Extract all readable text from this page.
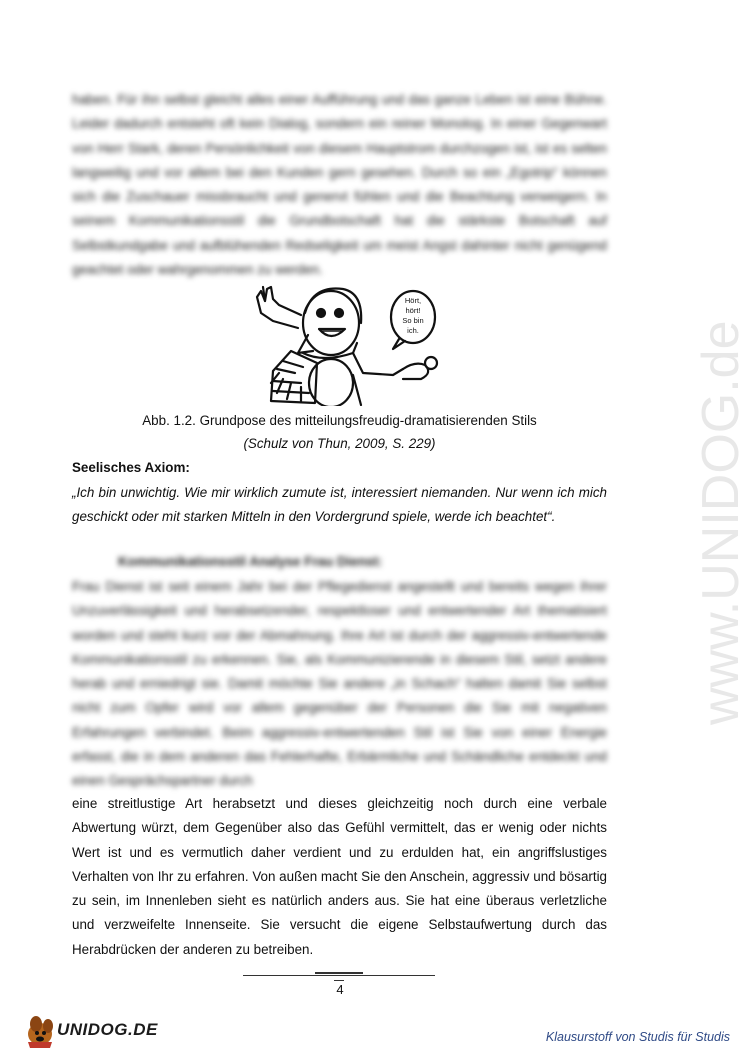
haben. Für ihn selbst gleicht alles einer Aufführung und das ganze Leben ist eine Bühne. Leider dadurch entsteht oft kein Dialog, sondern ein reiner Monolog. In einer Gegenwart von Herr Stark, deren Persönlichkeit von diesem Hauptstrom durchzogen ist, ist es selten langweilig und vor allem bei den Kunden gern gesehen. Durch so ein „Egotrip“ können sich die Zuschauer missbraucht und genervt fühlen und die Beachtung verweigern. In seinem Kommunikationsstil die Grundbotschaft hat die stärkste Botschaft auf Selbstkundgabe und aufblühenden Redseligkeit um meist Angst dahinter nicht genügend geachtet oder wahrgenommen zu werden.

Hört,
hört!
So bin
ich.

Abb. 1.2. Grundpose des mitteilungsfreudig-dramatisierenden Stils

(Schulz von Thun, 2009, S. 229)

Seelisches Axiom:

„Ich bin unwichtig. Wie mir wirklich zumute ist, interessiert niemanden. Nur wenn ich mich geschickt oder mit starken Mitteln in den Vordergrund spiele, werde ich beachtet“.

Kommunikationsstil Analyse Frau Dienst:

Frau Dienst ist seit einem Jahr bei der Pflegedienst angestellt und bereits wegen ihrer Unzuverlässigkeit und herabsetzender, respektloser und entwertender Art thematisiert worden und steht kurz vor der Abmahnung. Ihre Art ist durch der aggressiv-entwertende Kommunikationsstil zu erkennen. Sie, als Kommunizierende in diesem Stil, setzt andere herab und erniedrigt sie. Damit möchte Sie andere „in Schach“ halten damit Sie selbst nicht zum Opfer wird vor allem gegenüber der Personen die Sie mit negativen Erfahrungen verbindet. Beim aggressiv-entwertenden Stil ist Sie von einer Energie erfasst, die in dem anderen das Fehlerhafte, Erbärmliche und Schändliche entdeckt und einen Gesprächspartner durch

eine streitlustige Art herabsetzt und dieses gleichzeitig noch durch eine verbale Abwertung würzt, dem Gegenüber also das Gefühl vermittelt, das er wenig oder nichts Wert ist und es vermutlich daher verdient und zu erdulden hat, ein angriffslustiges Verhalten von Ihr zu erfahren. Von außen macht Sie den Anschein, aggressiv und bösartig zu sein, im Innenleben sieht es natürlich anders aus. Sie hat eine überaus verletzliche und verzweifelte Innenseite. Sie versucht die eigene Selbstaufwertung durch das Herabdrücken der anderen zu betreiben.

www.UNIDOG.de
4
UNIDOG.DE	Klausurstoff von Studis für Studis
